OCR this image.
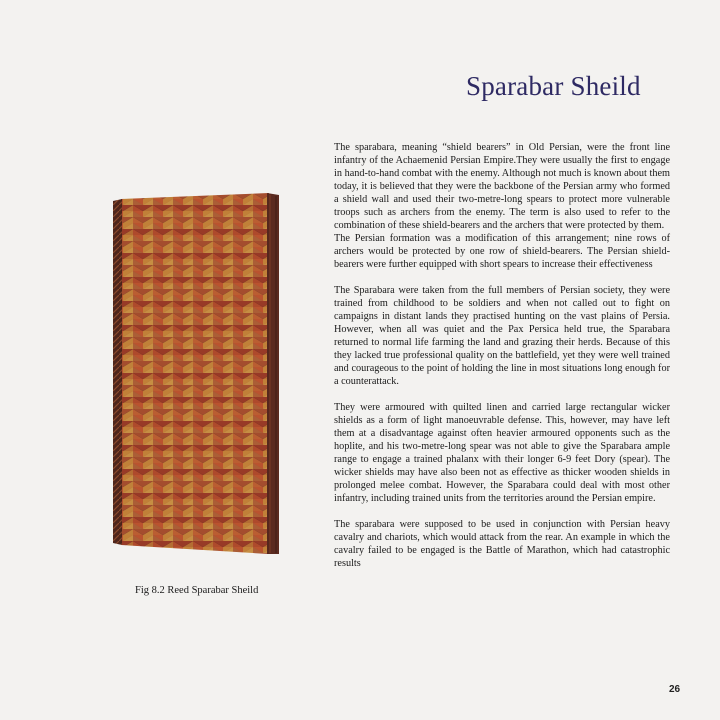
Sparabar Sheild
Fig 8.2 Reed Sparabar Sheild

The sparabara, meaning “shield bearers” in Old Persian, were the front line infantry of the Achaemenid Persian Empire.They were usually the first to engage in hand-to-hand combat with the enemy. Although not much is known about them today, it is believed that they were the backbone of the Persian army who formed a shield wall and used their two-metre-long spears to protect more vulnerable troops such as archers from the enemy. The term is also used to refer to the combination of these shield-bearers and the archers that were protected by them.

The Persian formation was a modification of this arrangement; nine rows of archers would be protected by one row of shield-bearers. The Persian shield-bearers were further equipped with short spears to increase their effectiveness

The Sparabara were taken from the full members of Persian society, they were trained from childhood to be soldiers and when not called out to fight on campaigns in distant lands they practised hunting on the vast plains of Persia. However, when all was quiet and the Pax Persica held true, the Sparabara returned to normal life farming the land and grazing their herds. Because of this they lacked true professional quality on the battlefield, yet they were well trained and courageous to the point of holding the line in most situations long enough for a counterattack.

They were armoured with quilted linen and carried large rectangular wicker shields as a form of light manoeuvrable defense. This, however, may have left them at a disadvantage against often heavier armoured opponents such as the hoplite, and his two-metre-long spear was not able to give the Sparabara ample range to engage a trained phalanx with their longer 6-9 feet Dory (spear). The wicker shields may have also been not as effective as thicker wooden shields in prolonged melee combat. However, the Sparabara could deal with most other infantry, including trained units from the territories around the Persian empire.

The sparabara were supposed to be used in conjunction with Persian heavy cavalry and chariots, which would attack from the rear. An example in which the cavalry failed to be engaged is the Battle of Marathon, which had catastrophic results

26
